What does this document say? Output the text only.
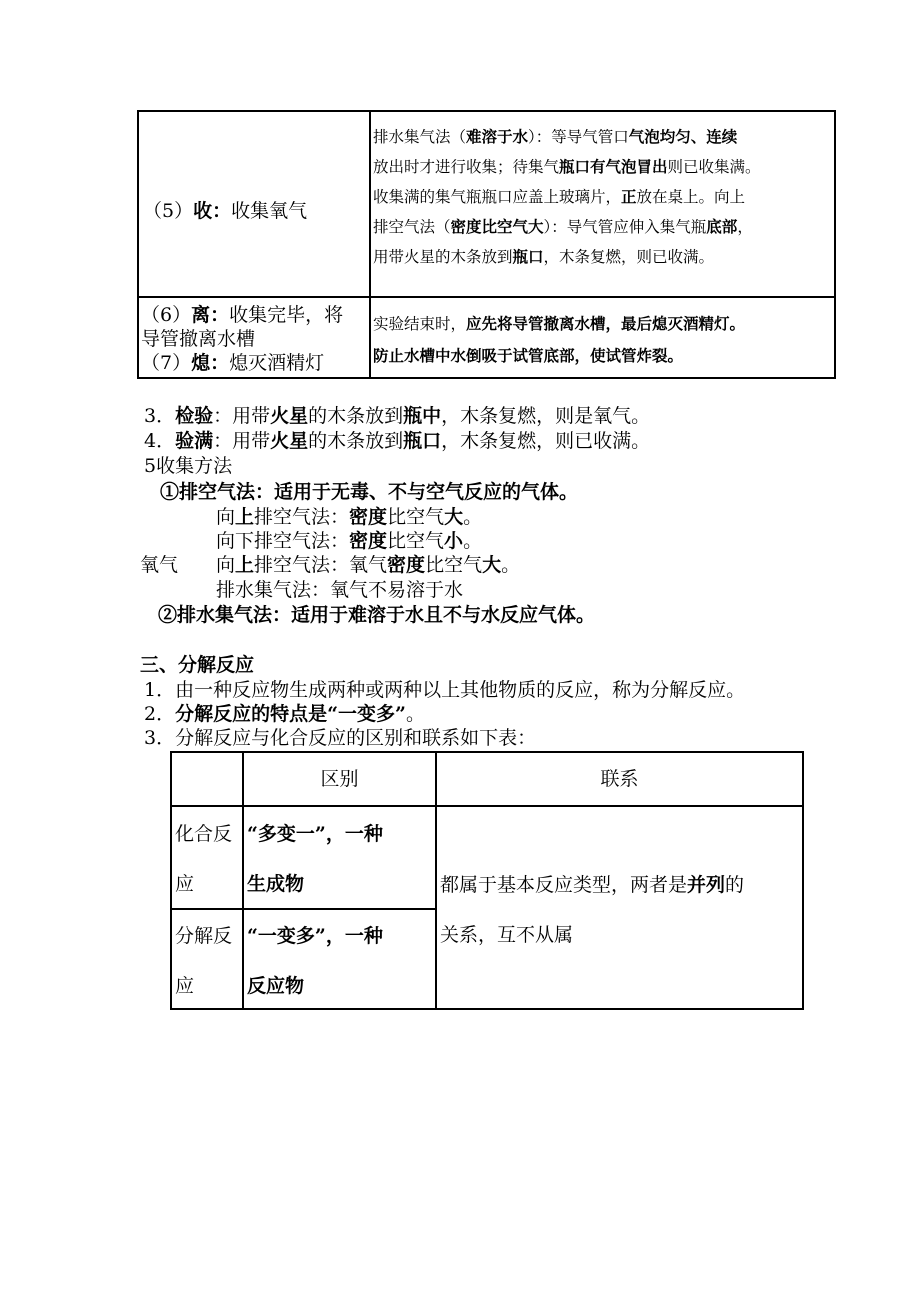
（5）收：收集氧气
排水集气法（难溶于水）：等导气管口气泡均匀、连续
放出时才进行收集；待集气瓶口有气泡冒出则已收集满。
收集满的集气瓶瓶口应盖上玻璃片，正放在桌上。向上
排空气法（密度比空气大）：导气管应伸入集气瓶底部，
用带火星的木条放到瓶口，木条复燃，则已收满。
（6）离：收集完毕，将
导管撤离水槽
（7）熄：熄灭酒精灯
实验结束时，应先将导管撤离水槽，最后熄灭酒精灯。
防止水槽中水倒吸于试管底部，使试管炸裂。
3．检验：用带火星的木条放到瓶中，木条复燃，则是氧气。
4．验满：用带火星的木条放到瓶口，木条复燃，则已收满。
5收集方法
①排空气法：适用于无毒、不与空气反应的气体。
向上排空气法：密度比空气大。
向下排空气法：密度比空气小。
氧气 向上排空气法：氧气密度比空气大。
排水集气法：氧气不易溶于水
②排水集气法：适用于难溶于水且不与水反应气体。
三、分解反应
1．由一种反应物生成两种或两种以上其他物质的反应，称为分解反应。
2．分解反应的特点是“一变多”。
3．分解反应与化合反应的区别和联系如下表：
区别	联系
化合反
应
“多变一”，一种
生成物
分解反
应
“一变多”，一种
反应物
都属于基本反应类型，两者是并列的
关系，互不从属
